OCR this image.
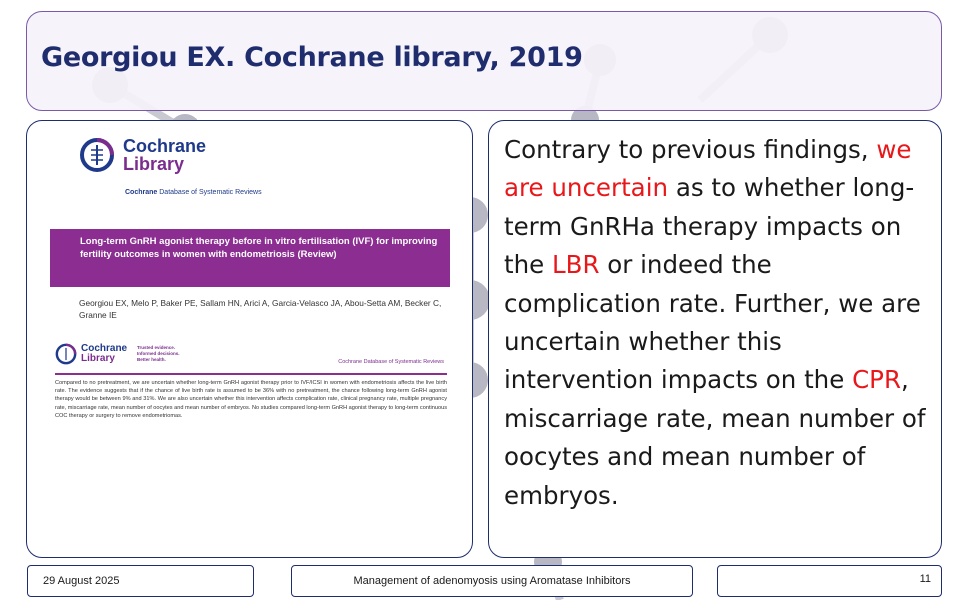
Georgiou EX. Cochrane library, 2019
Cochrane
Library
Cochrane Database of Systematic Reviews
Long-term GnRH agonist therapy before in vitro fertilisation (IVF) for improving fertility outcomes in women with endometriosis (Review)
Georgiou EX, Melo P, Baker PE, Sallam HN, Arici A, Garcia-Velasco JA, Abou-Setta AM, Becker C,
Granne IE
Cochrane
Library
Trusted evidence.
Informed decisions.
Better health.	Cochrane Database of Systematic Reviews
Compared to no pretreatment, we are uncertain whether long-term GnRH agonist therapy prior to IVF/ICSI in women with endometriosis affects the live birth rate. The evidence suggests that if the chance of live birth rate is assumed to be 36% with no pretreatment, the chance following long-term GnRH agonist therapy would be between 9% and 31%. We are also uncertain whether this intervention affects complication rate, clinical pregnancy rate, multiple pregnancy rate, miscarriage rate, mean number of oocytes and mean number of embryos. No studies compared long-term GnRH agonist therapy to long-term continuous COC therapy or surgery to remove endometriomas.
Contrary to previous findings, we are uncertain as to whether long-term GnRHa therapy impacts on the LBR or indeed the complication rate. Further, we are uncertain whether this intervention impacts on the CPR, miscarriage rate, mean number of oocytes and mean number of embryos.
29 August 2025	Management of adenomyosis using Aromatase Inhibitors	11
